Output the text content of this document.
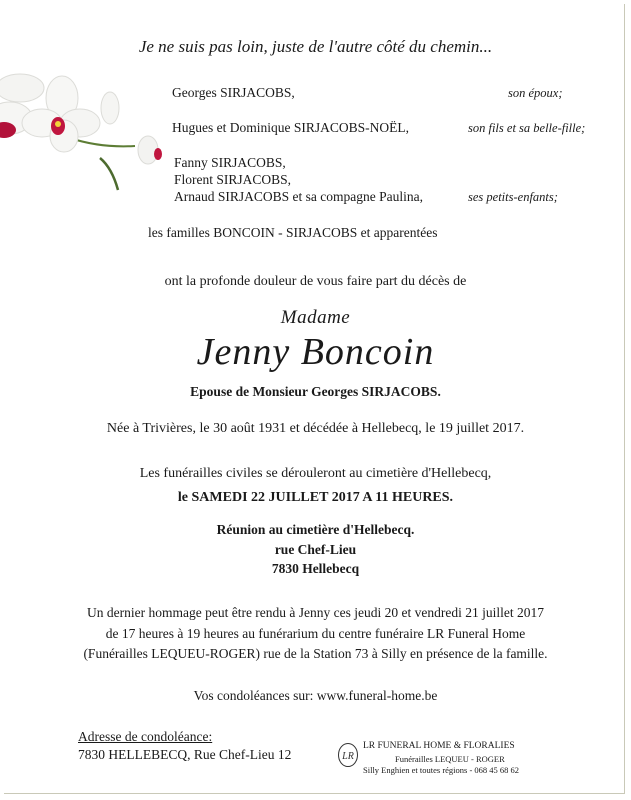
Je ne suis pas loin, juste de l'autre côté du chemin...
Georges SIRJACOBS,	son époux;
Hugues et Dominique SIRJACOBS-NOËL,	son fils et sa belle-fille;
Fanny SIRJACOBS,
Florent SIRJACOBS,
Arnaud SIRJACOBS et sa compagne Paulina,	ses petits-enfants;
les familles BONCOIN - SIRJACOBS et apparentées
ont la profonde douleur de vous faire part du décès de
Madame
Jenny Boncoin
Epouse de Monsieur Georges SIRJACOBS.
Née à Trivières, le 30 août 1931 et décédée à Hellebecq, le 19 juillet 2017.
Les funérailles civiles se dérouleront au cimetière d'Hellebecq,
le SAMEDI 22 JUILLET 2017 A 11 HEURES.
Réunion au cimetière d'Hellebecq.
rue Chef-Lieu
7830 Hellebecq
Un dernier hommage peut être rendu à Jenny ces jeudi 20 et vendredi 21 juillet 2017
de 17 heures à 19 heures au funérarium du centre funéraire LR Funeral Home
(Funérailles LEQUEU-ROGER) rue de la Station 73 à Silly en présence de la famille.
Vos condoléances sur: www.funeral-home.be
Adresse de condoléance:
7830 HELLEBECQ, Rue Chef-Lieu 12	LR
LR FUNERAL HOME & FLORALIES
Funérailles LEQUEU - ROGER
Silly Enghien et toutes régions - 068 45 68 62
